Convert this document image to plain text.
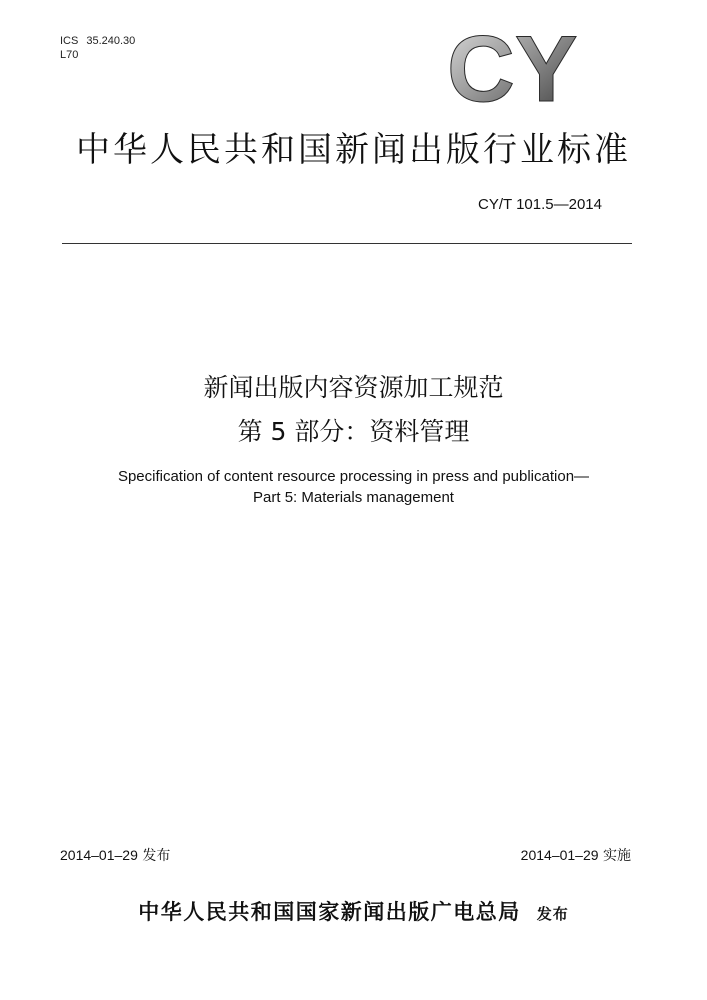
ICS 35.240.30
L70	CY
中华人民共和国新闻出版行业标准
CY/T 101.5—2014
新闻出版内容资源加工规范
第 5 部分：资料管理
Specification of content resource processing in press and publication—
Part 5: Materials management
2014–01–29 发布	2014–01–29 实施
中华人民共和国国家新闻出版广电总局 发布
